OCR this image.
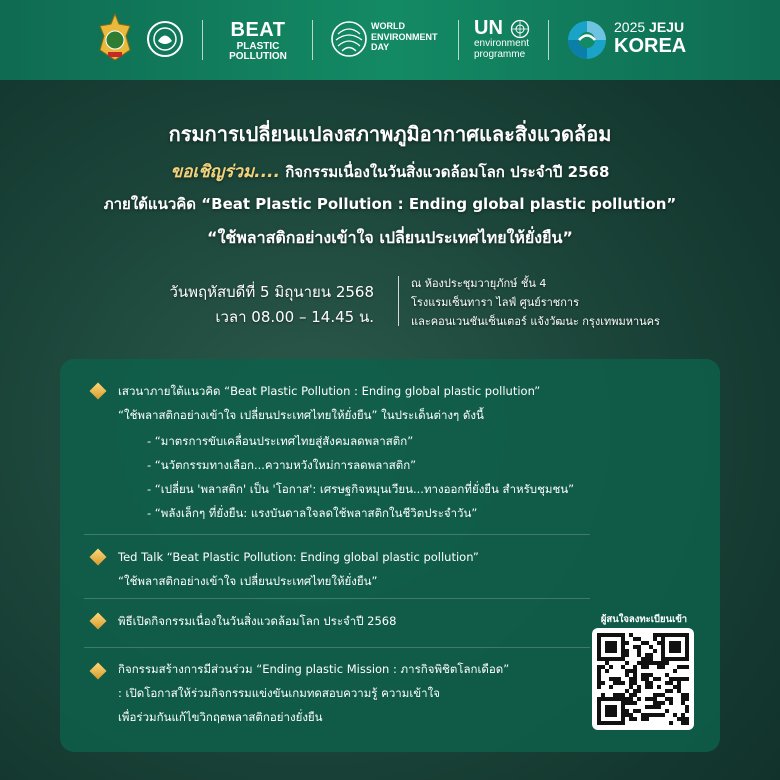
BEAT
PLASTIC
POLLUTION
WORLD
ENVIRONMENT
DAY
UN
environment
programme
2025 JEJU
KOREA
กรมการเปลี่ยนแปลงสภาพภูมิอากาศและสิ่งแวดล้อม
ขอเชิญร่วม.... กิจกรรมเนื่องในวันสิ่งแวดล้อมโลก ประจำปี 2568
ภายใต้แนวคิด “Beat Plastic Pollution : Ending global plastic pollution”
“ใช้พลาสติกอย่างเข้าใจ เปลี่ยนประเทศไทยให้ยั่งยืน”
วันพฤหัสบดีที่ 5 มิถุนายน 2568
เวลา 08.00 – 14.45 น.
ณ ห้องประชุมวายุภักษ์ ชั้น 4
โรงแรมเซ็นทารา ไลฟ์ ศูนย์ราชการ
และคอนเวนชันเซ็นเตอร์ แจ้งวัฒนะ กรุงเทพมหานคร
เสวนาภายใต้แนวคิด “Beat Plastic Pollution : Ending global plastic pollution”
“ใช้พลาสติกอย่างเข้าใจ เปลี่ยนประเทศไทยให้ยั่งยืน” ในประเด็นต่างๆ ดังนี้
- “มาตรการขับเคลื่อนประเทศไทยสู่สังคมลดพลาสติก”
- “นวัตกรรมทางเลือก...ความหวังใหม่การลดพลาสติก”
- “เปลี่ยน 'พลาสติก' เป็น 'โอกาส': เศรษฐกิจหมุนเวียน...ทางออกที่ยั่งยืน สำหรับชุมชน”
- “พลังเล็กๆ ที่ยั่งยืน: แรงบันดาลใจลดใช้พลาสติกในชีวิตประจำวัน”
Ted Talk “Beat Plastic Pollution: Ending global plastic pollution”
“ใช้พลาสติกอย่างเข้าใจ เปลี่ยนประเทศไทยให้ยั่งยืน”
พิธีเปิดกิจกรรมเนื่องในวันสิ่งแวดล้อมโลก ประจำปี 2568
กิจกรรมสร้างการมีส่วนร่วม “Ending plastic Mission : ภารกิจพิชิตโลกเดือด”
: เปิดโอกาสให้ร่วมกิจกรรมแข่งขันเกมทดสอบความรู้ ความเข้าใจ
เพื่อร่วมกันแก้ไขวิกฤตพลาสติกอย่างยั่งยืน
ผู้สนใจลงทะเบียนเข้า
